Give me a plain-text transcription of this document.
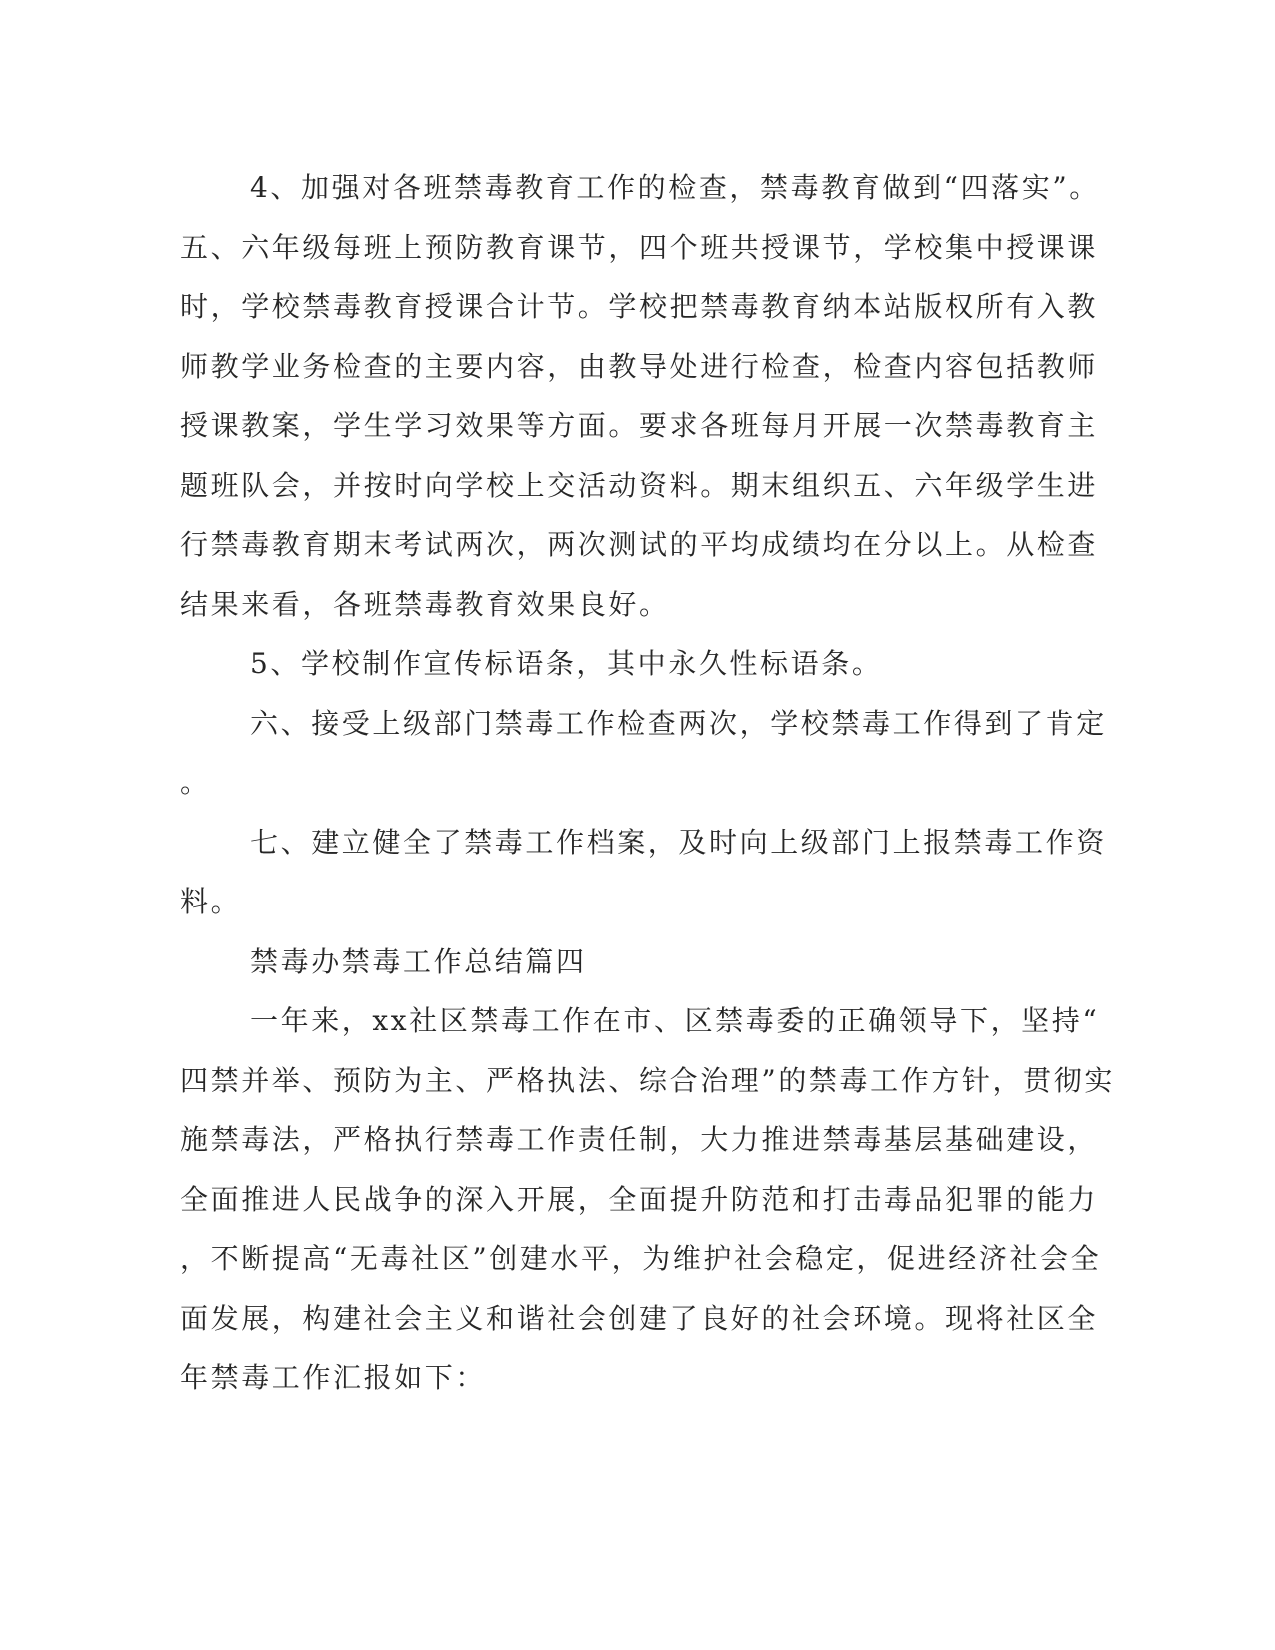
4、加强对各班禁毒教育工作的检查，禁毒教育做到“四落实”。
五、六年级每班上预防教育课节，四个班共授课节，学校集中授课课
时，学校禁毒教育授课合计节。学校把禁毒教育纳本站版权所有入教
师教学业务检查的主要内容，由教导处进行检查，检查内容包括教师
授课教案，学生学习效果等方面。要求各班每月开展一次禁毒教育主
题班队会，并按时向学校上交活动资料。期末组织五、六年级学生进
行禁毒教育期末考试两次，两次测试的平均成绩均在分以上。从检查
结果来看，各班禁毒教育效果良好。
5、学校制作宣传标语条，其中永久性标语条。
六、接受上级部门禁毒工作检查两次，学校禁毒工作得到了肯定
。
七、建立健全了禁毒工作档案，及时向上级部门上报禁毒工作资
料。
禁毒办禁毒工作总结篇四
一年来，xx社区禁毒工作在市、区禁毒委的正确领导下，坚持“
四禁并举、预防为主、严格执法、综合治理”的禁毒工作方针，贯彻实
施禁毒法，严格执行禁毒工作责任制，大力推进禁毒基层基础建设，
全面推进人民战争的深入开展，全面提升防范和打击毒品犯罪的能力
，不断提高“无毒社区”创建水平，为维护社会稳定，促进经济社会全
面发展，构建社会主义和谐社会创建了良好的社会环境。现将社区全
年禁毒工作汇报如下：
